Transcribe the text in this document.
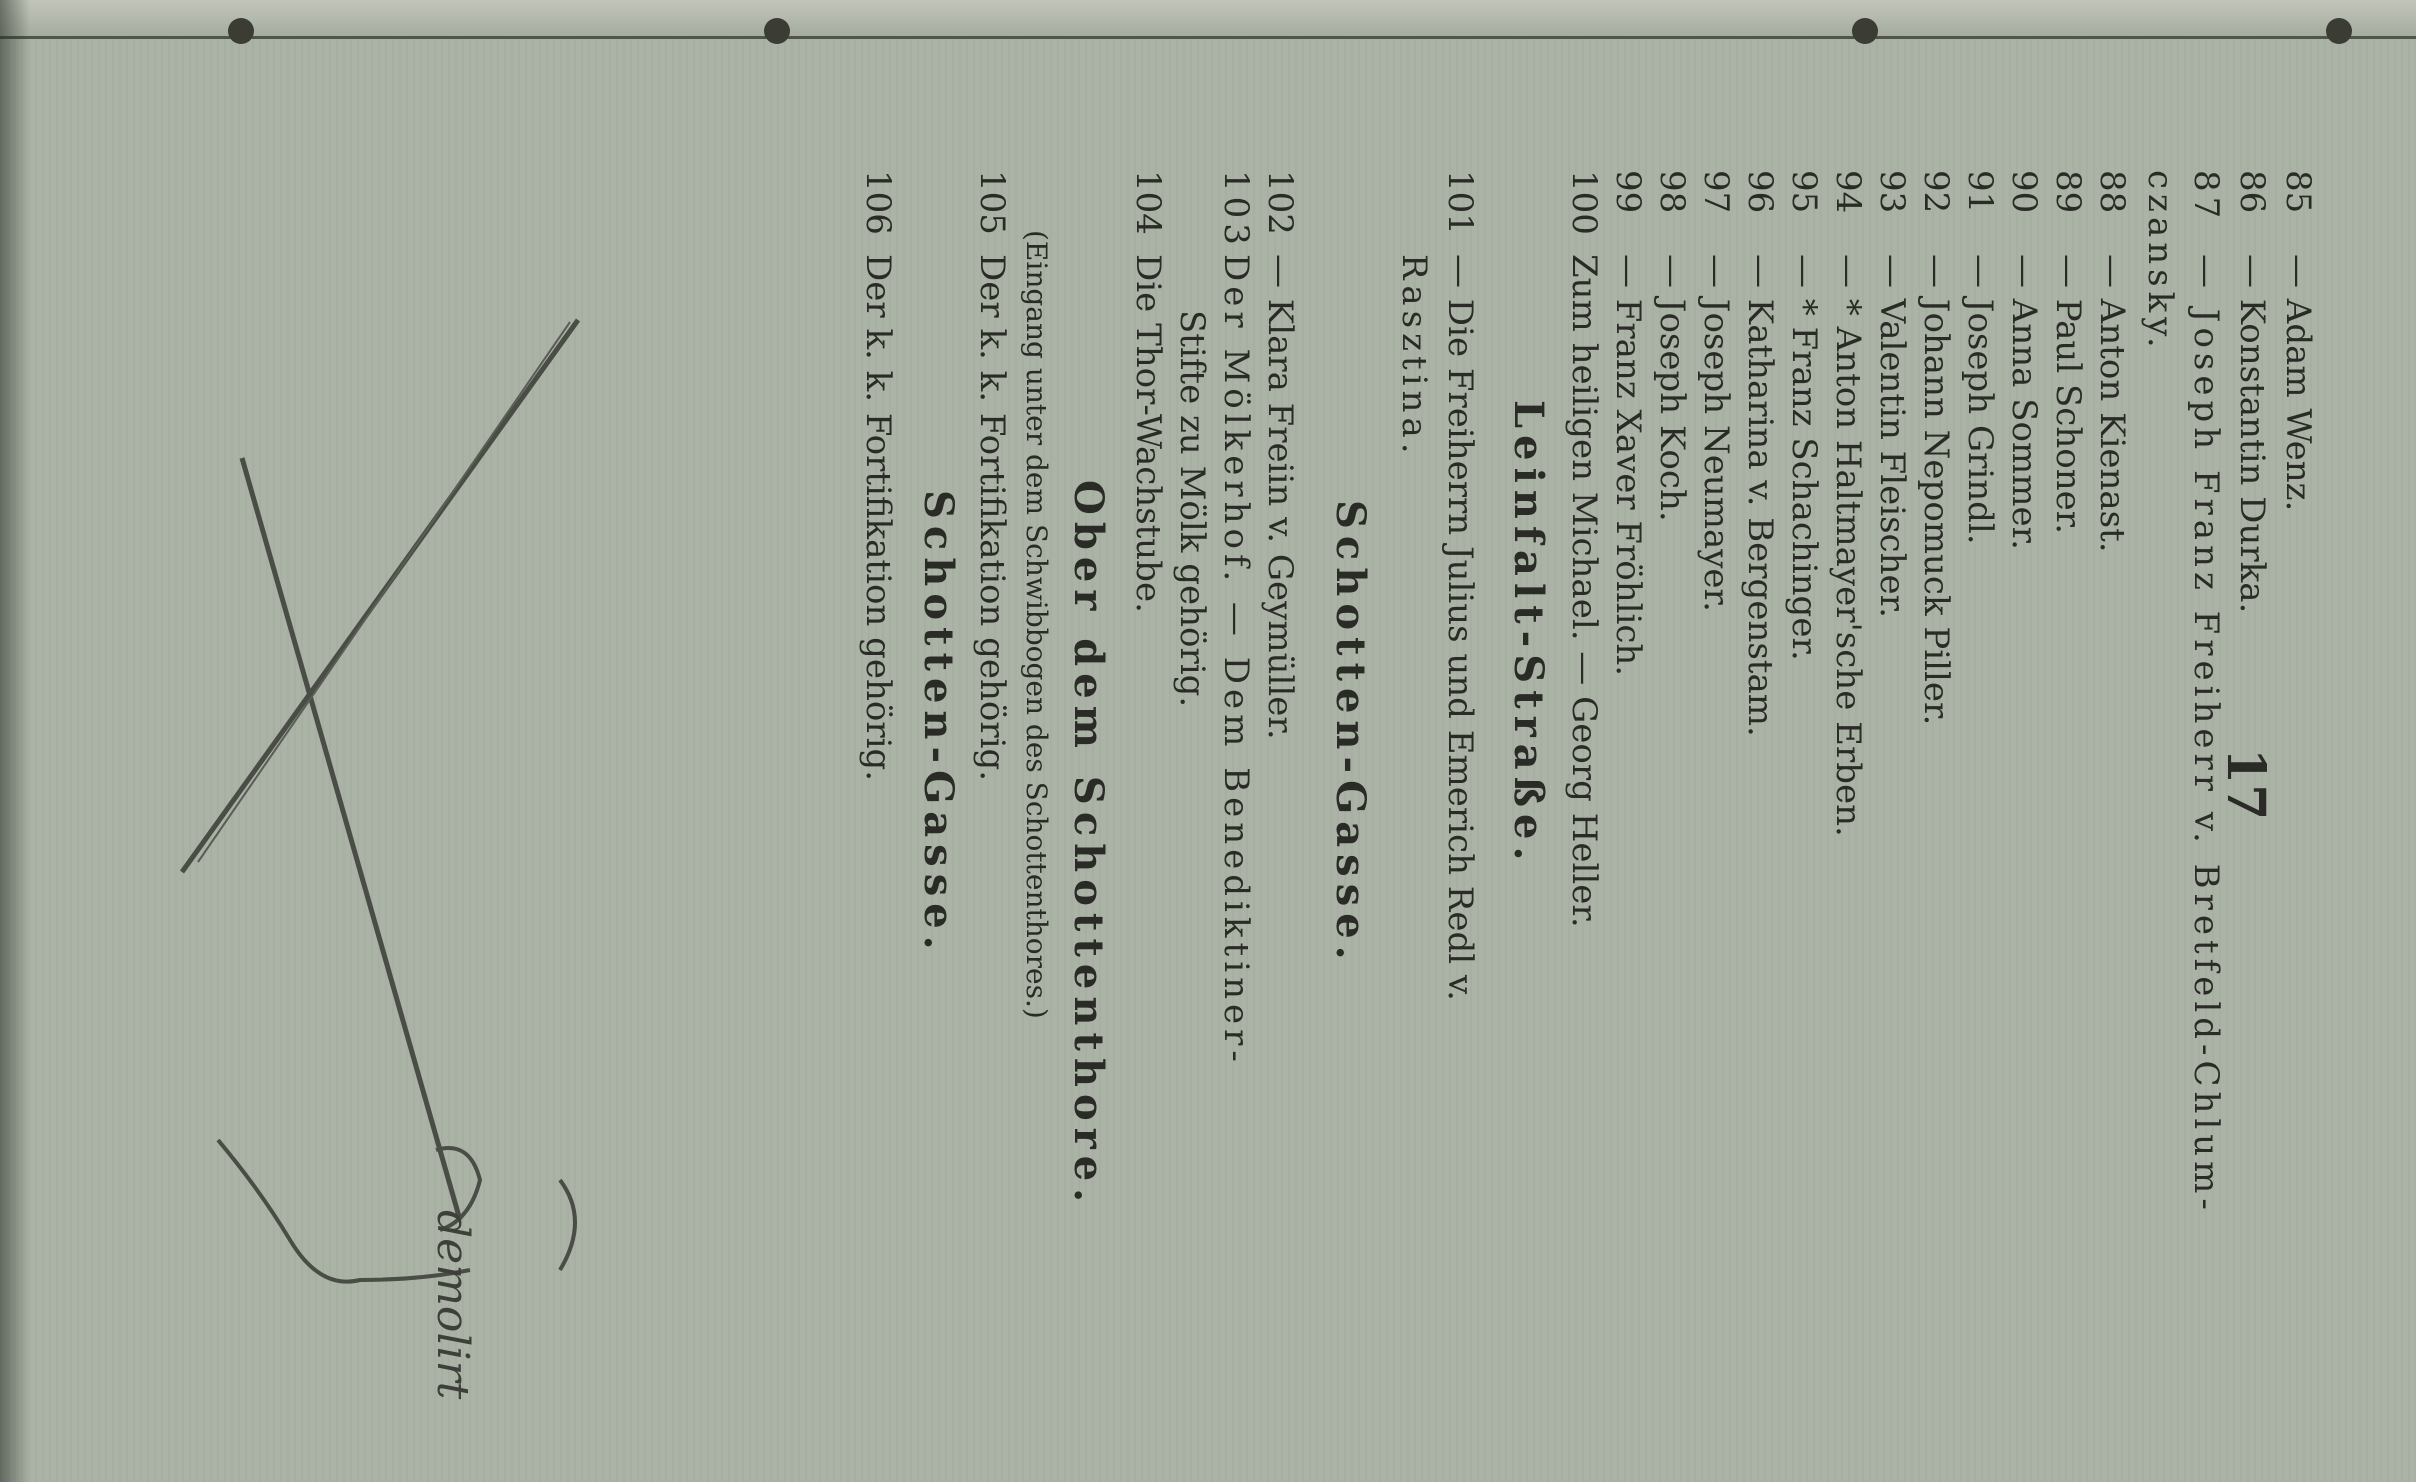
17
85— Adam Wenz.
86— Konstantin Durka.
87— Joseph Franz Freiherr v. Bretfeld-Chlum-
czansky.
88— Anton Kienast.
89— Paul Schoner.
90— Anna Sommer.
91— Joseph Grindl.
92— Johann Nepomuck Piller.
93— Valentin Fleischer.
94— * Anton Haltmayer'sche Erben.
95— * Franz Schachinger.
96— Katharina v. Bergenstam.
97— Joseph Neumayer.
98— Joseph Koch.
99— Franz Xaver Fröhlich.
100Zum heiligen Michael. — Georg Heller.
Leinfalt-Straße.
101— Die Freiherrn Julius und Emerich Redl v.
Rasztina.
Schotten-Gasse.
102— Klara Freiin v. Geymüller.
103Der Mölkerhof. — Dem Benediktiner-
Stifte zu Mölk gehörig.
104Die Thor-Wachstube.
Ober dem Schottenthore.
(Eingang unter dem Schwibbogen des Schottenthores.)
105Der k. k. Fortifikation gehörig.
Schotten-Gasse.
106Der k. k. Fortifikation gehörig.
demolirt
